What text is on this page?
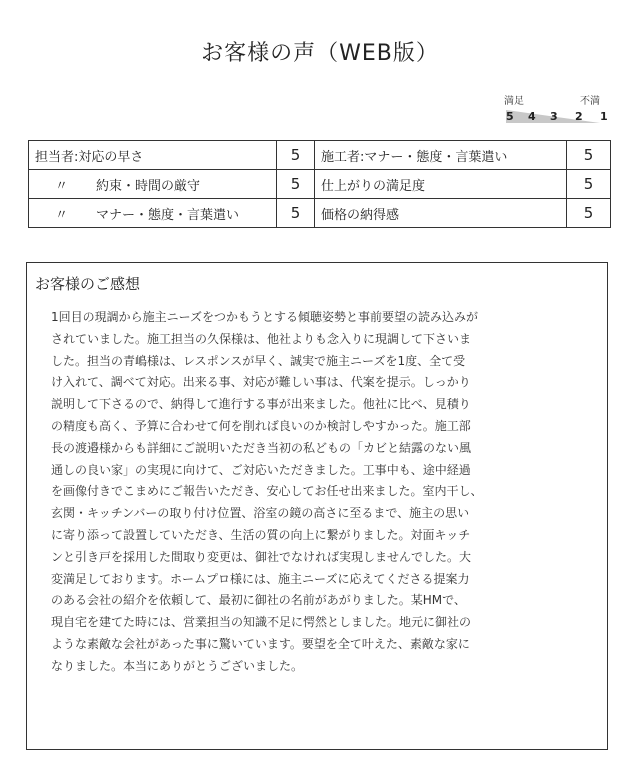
お客様の声（WEB版）
満足	不満
5 4 3 2 1
担当者:対応の早さ	5	施工者:マナー・態度・言葉遣い	5
〃 約束・時間の厳守	5	仕上がりの満足度	5
〃 マナー・態度・言葉遣い	5	価格の納得感	5
お客様のご感想
1回目の現調から施主ニーズをつかもうとする傾聴姿勢と事前要望の読み込みが
されていました。施工担当の久保様は、他社よりも念入りに現調して下さいま
した。担当の青嶋様は、レスポンスが早く、誠実で施主ニーズを1度、全て受
け入れて、調べて対応。出来る事、対応が難しい事は、代案を提示。しっかり
説明して下さるので、納得して進行する事が出来ました。他社に比べ、見積り
の精度も高く、予算に合わせて何を削れば良いのか検討しやすかった。施工部
長の渡邉様からも詳細にご説明いただき当初の私どもの「カビと結露のない風
通しの良い家」の実現に向けて、ご対応いただきました。工事中も、途中経過
を画像付きでこまめにご報告いただき、安心してお任せ出来ました。室内干し、
玄関・キッチンバーの取り付け位置、浴室の鏡の高さに至るまで、施主の思い
に寄り添って設置していただき、生活の質の向上に繋がりました。対面キッチ
ンと引き戸を採用した間取り変更は、御社でなければ実現しませんでした。大
変満足しております。ホームプロ様には、施主ニーズに応えてくださる提案力
のある会社の紹介を依頼して、最初に御社の名前があがりました。某HMで、
現自宅を建てた時には、営業担当の知識不足に愕然としました。地元に御社の
ような素敵な会社があった事に驚いています。要望を全て叶えた、素敵な家に
なりました。本当にありがとうございました。
